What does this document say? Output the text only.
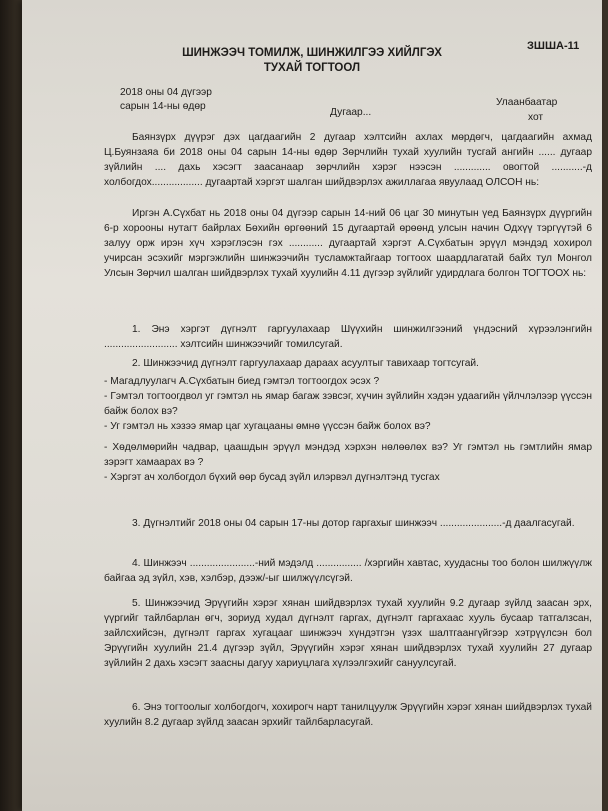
ЗШША-11
ШИНЖЭЭЧ ТОМИЛЖ, ШИНЖИЛГЭЭ ХИЙЛГЭХ
ТУХАЙ ТОГТООЛ
2018 оны 04 дүгээр
сарын 14-ны өдөр
Дугаар...
Улаанбаатар
хот

Баянзүрх дүүрэг дэх цагдаагийн 2 дугаар хэлтсийн ахлах мөрдөгч, цагдаагийн ахмад Ц.Буянзаяа би 2018 оны 04 сарын 14-ны өдөр Зөрчлийн тухай хуулийн тусгай ангийн ...... дугаар зүйлийн .... дахь хэсэгт заасанаар зөрчлийн хэрэг нээсэн ............. овогтой ...........-д холбогдох.................. дугаартай хэргэт шалган шийдвэрлэх ажиллагаа явуулаад ОЛСОН нь:

Иргэн А.Сүхбат нь 2018 оны 04 дүгээр сарын 14-ний 06 цаг 30 минутын үед Баянзүрх дүүргийн 6-р хорооны нутагт байрлах Бөхийн өргөөний 15 дугаартай өрөөнд улсын начин Одхүү тэргүүтэй 6 залуу орж ирэн хүч хэрэглэсэн гэх ............ дугаартай хэргэт А.Сүхбатын эрүүл мэндэд хохирол учирсан эсэхийг мэргэжлийн шинжээчийн тусламжтайгаар тогтоох шаардлагатай байх тул Монгол Улсын Зөрчил шалган шийдвэрлэх тухай хуулийн 4.11 дүгээр зүйлийг удирдлага болгон ТОГТООХ нь:

1. Энэ хэргэт дүгнэлт гаргуулахаар Шүүхийн шинжилгээний үндэсний хүрээлэнгийн .......................... хэлтсийн шинжээчийг томилсугай.

2. Шинжээчид дүгнэлт гаргуулахаар дараах асуултыг тавихаар тогтсугай.

- Магадлуулагч А.Сүхбатын биед гэмтэл тогтоогдох эсэх ?

- Гэмтэл тогтоогдвол уг гэмтэл нь ямар багаж зэвсэг, хүчин зүйлийн хэдэн удаагийн үйлчлэлээр үүссэн байж болох вэ?

- Уг гэмтэл нь хэзээ ямар цаг хугацааны өмнө үүссэн байж болох вэ?

- Хөдөлмөрийн чадвар, цаашдын эрүүл мэндэд хэрхэн нөлөөлөх вэ? Уг гэмтэл нь гэмтлийн ямар зэрэгт хамаарах вэ ?

- Хэргэт ач холбогдол бүхий өөр бусад зүйл илэрвэл дүгнэлтэнд тусгах

3. Дүгнэлтийг 2018 оны 04 сарын 17-ны дотор гаргахыг шинжээч ......................-д даалгасугай.

4. Шинжээч .......................-ний мэдэлд ................ /хэргийн хавтас, хуудасны тоо болон шилжүүлж байгаа эд зүйл, хэв, хэлбэр, дээж/-ыг шилжүүлсүгэй.

5. Шинжээчид Эрүүгийн хэрэг хянан шийдвэрлэх тухай хуулийн 9.2 дугаар зүйлд заасан эрх, үүргийг тайлбарлан өгч, зориуд худал дүгнэлт гаргах, дүгнэлт гаргахаас хууль бусаар татгалзсан, зайлсхийсэн, дүгнэлт гаргах хугацааг шинжээч хүндэтгэн үзэх шалтгаангүйгээр хэтрүүлсэн бол Эрүүгийн хуулийн 21.4 дүгээр зүйл, Эрүүгийн хэрэг хянан шийдвэрлэх тухай хуулийн 27 дугаар зүйлийн 2 дахь хэсэгт заасны дагуу хариуцлага хүлээлгэхийг сануулсугай.

6. Энэ тогтоолыг холбогдогч, хохирогч нарт танилцуулж Эрүүгийн хэрэг хянан шийдвэрлэх тухай хуулийн 8.2 дугаар зүйлд заасан эрхийг тайлбарласугай.
